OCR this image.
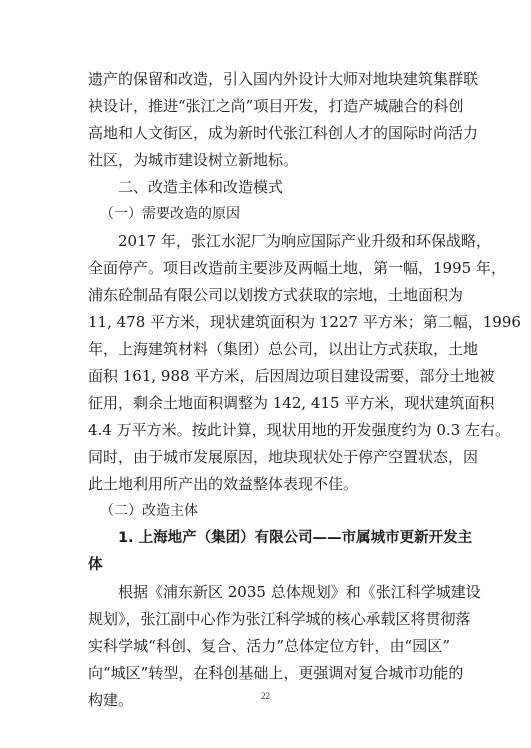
遗产的保留和改造，引入国内外设计大师对地块建筑集群联
袂设计，推进“张江之尚”项目开发，打造产城融合的科创
高地和人文街区，成为新时代张江科创人才的国际时尚活力
社区，为城市建设树立新地标。
二、改造主体和改造模式
（一）需要改造的原因
2017 年，张江水泥厂为响应国际产业升级和环保战略，
全面停产。项目改造前主要涉及两幅土地，第一幅，1995 年，
浦东砼制品有限公司以划拨方式获取的宗地，土地面积为
11, 478 平方米，现状建筑面积为 1227 平方米；第二幅，1996
年，上海建筑材料（集团）总公司，以出让方式获取，土地
面积 161, 988 平方米，后因周边项目建设需要，部分土地被
征用，剩余土地面积调整为 142, 415 平方米，现状建筑面积
4.4 万平方米。按此计算，现状用地的开发强度约为 0.3 左右。
同时，由于城市发展原因，地块现状处于停产空置状态，因
此土地利用所产出的效益整体表现不佳。
（二）改造主体
1. 上海地产（集团）有限公司——市属城市更新开发主
体
根据《浦东新区 2035 总体规划》和《张江科学城建设
规划》，张江副中心作为张江科学城的核心承载区将贯彻落
实科学城“科创、复合、活力”总体定位方针，由“园区”
向“城区”转型，在科创基础上，更强调对复合城市功能的
构建。	22
